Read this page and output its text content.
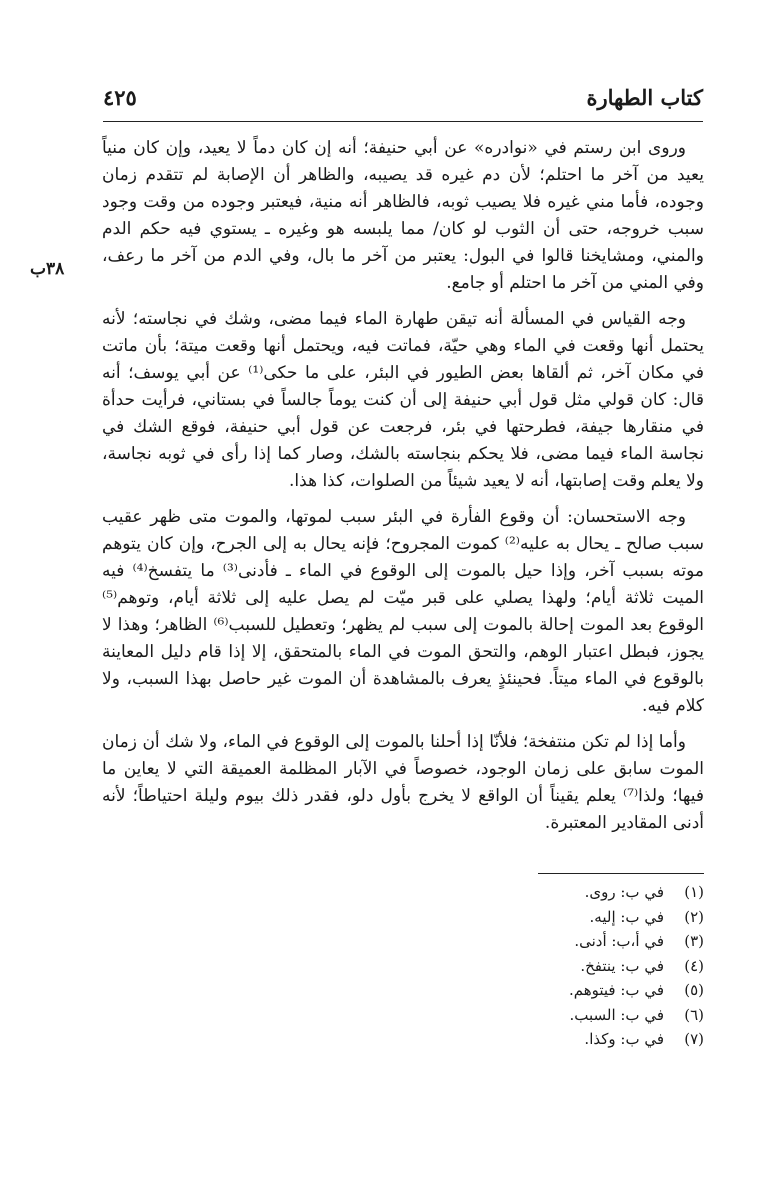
كتاب الطهارة
٤٢٥
٣٨ب

وروى ابن رستم في «نوادره» عن أبي حنيفة؛ أنه إن كان دماً لا يعيد، وإن كان منياً يعيد من آخر ما احتلم؛ لأن دم غيره قد يصيبه، والظاهر أن الإصابة لم تتقدم زمان وجوده، فأما مني غيره فلا يصيب ثوبه، فالظاهر أنه منية، فيعتبر وجوده من وقت وجود سبب خروجه، حتى أن الثوب لو كان/ مما يلبسه هو وغيره ـ يستوي فيه حكم الدم والمني، ومشايخنا قالوا في البول: يعتبر من آخر ما بال، وفي الدم من آخر ما رعف، وفي المني من آخر ما احتلم أو جامع.

وجه القياس في المسألة أنه تيقن طهارة الماء فيما مضى، وشك في نجاسته؛ لأنه يحتمل أنها وقعت في الماء وهي حيّة، فماتت فيه، ويحتمل أنها وقعت ميتة؛ بأن ماتت في مكان آخر، ثم ألقاها بعض الطيور في البئر، على ما حكى⁽¹⁾ عن أبي يوسف؛ أنه قال: كان قولي مثل قول أبي حنيفة إلى أن كنت يوماً جالساً في بستاني، فرأيت حدأة في منقارها جيفة، فطرحتها في بئر، فرجعت عن قول أبي حنيفة، فوقع الشك في نجاسة الماء فيما مضى، فلا يحكم بنجاسته بالشك، وصار كما إذا رأى في ثوبه نجاسة، ولا يعلم وقت إصابتها، أنه لا يعيد شيئاً من الصلوات، كذا هذا.

وجه الاستحسان: أن وقوع الفأرة في البئر سبب لموتها، والموت متى ظهر عقيب سبب صالح ـ يحال به عليه⁽²⁾ كموت المجروح؛ فإنه يحال به إلى الجرح، وإن كان يتوهم موته بسبب آخر، وإذا حيل بالموت إلى الوقوع في الماء ـ فأدنى⁽³⁾ ما يتفسخ⁽⁴⁾ فيه الميت ثلاثة أيام؛ ولهذا يصلي على قبر ميّت لم يصل عليه إلى ثلاثة أيام، وتوهم⁽⁵⁾ الوقوع بعد الموت إحالة بالموت إلى سبب لم يظهر؛ وتعطيل للسبب⁽⁶⁾ الظاهر؛ وهذا لا يجوز، فبطل اعتبار الوهم، والتحق الموت في الماء بالمتحقق، إلا إذا قام دليل المعاينة بالوقوع في الماء ميتاً. فحينئذٍ يعرف بالمشاهدة أن الموت غير حاصل بهذا السبب، ولا كلام فيه.

وأما إذا لم تكن منتفخة؛ فلأنّا إذا أحلنا بالموت إلى الوقوع في الماء، ولا شك أن زمان الموت سابق على زمان الوجود، خصوصاً في الآبار المظلمة العميقة التي لا يعاين ما فيها؛ ولذا⁽⁷⁾ يعلم يقيناً أن الواقع لا يخرج بأول دلو، فقدر ذلك بيوم وليلة احتياطاً؛ لأنه أدنى المقادير المعتبرة.

(١)في ب: روى.
(٢)في ب: إليه.
(٣)في أ،ب: أدنى.
(٤)في ب: ينتفخ.
(٥)في ب: فيتوهم.
(٦)في ب: السبب.
(٧)في ب: وكذا.
